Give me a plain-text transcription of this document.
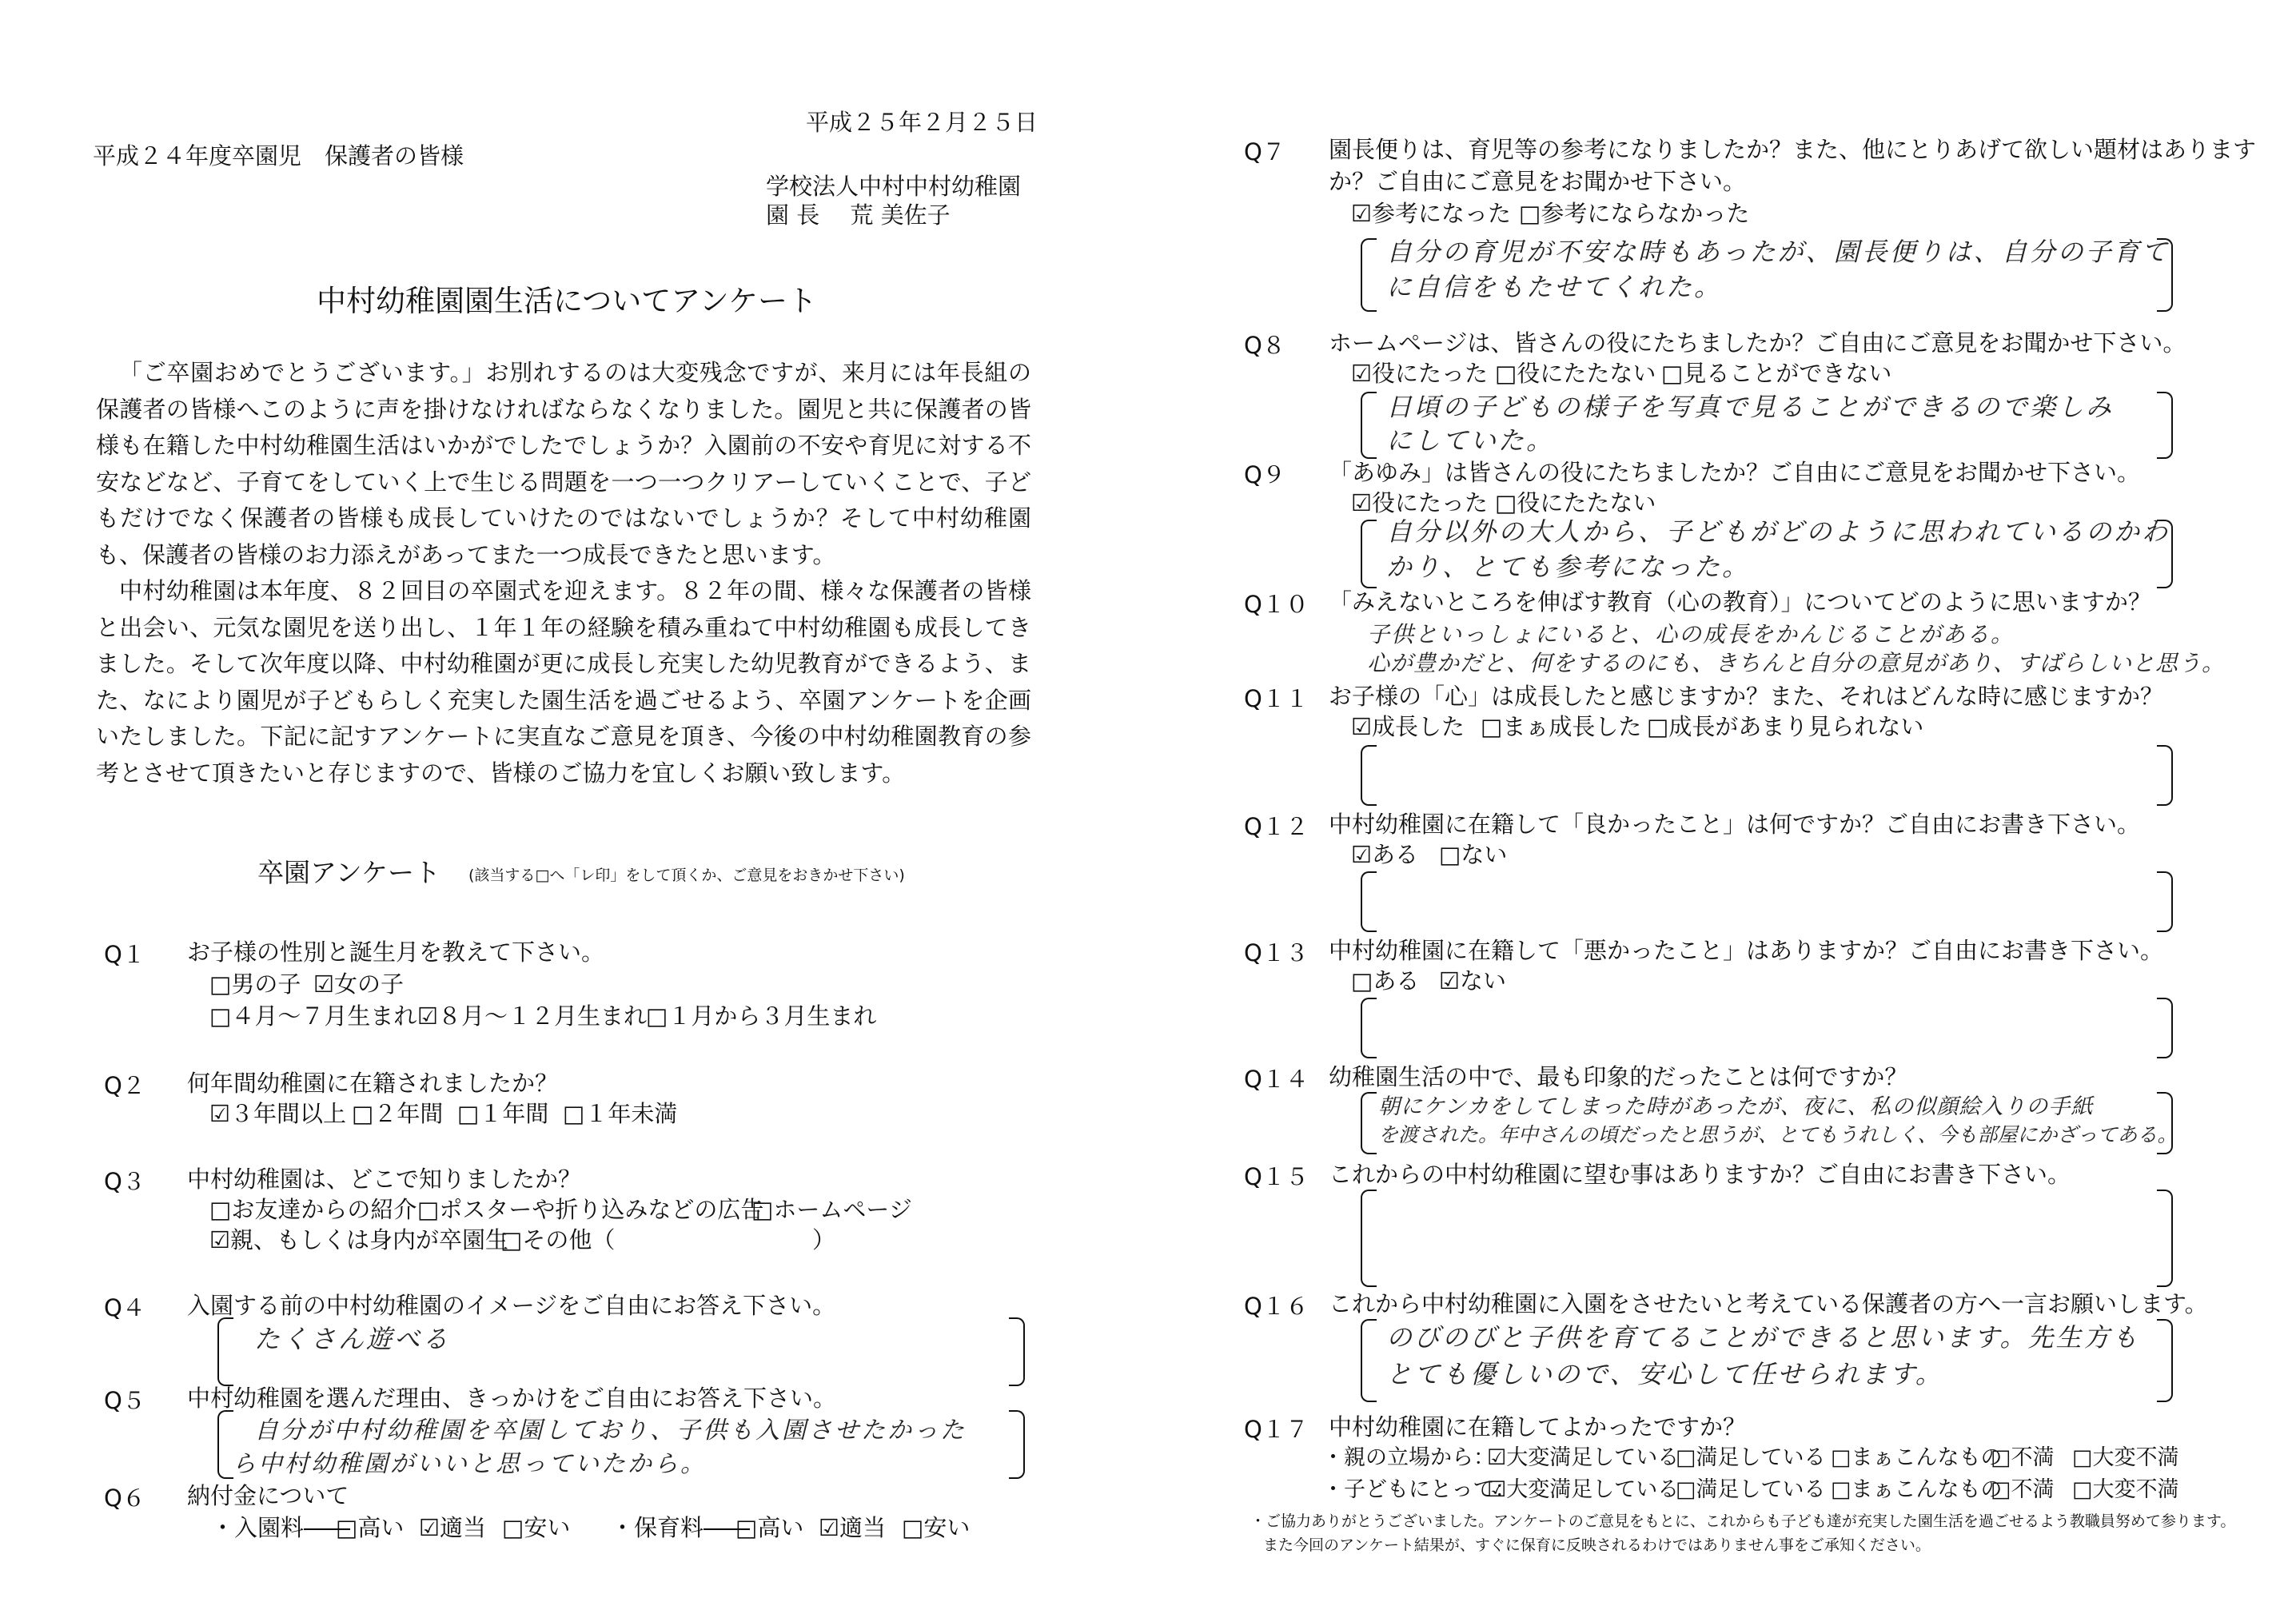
平成２５年２月２５日
平成２４年度卒園児　保護者の皆様
学校法人中村中村幼稚園
園 長　 荒 美佐子
中村幼稚園園生活についてアンケート

「ご卒園おめでとうございます。」お別れするのは大変残念ですが、来月には年長組の保護者の皆様へこのように声を掛けなければならなくなりました。園児と共に保護者の皆様も在籍した中村幼稚園生活はいかがでしたでしょうか？入園前の不安や育児に対する不安などなど、子育てをしていく上で生じる問題を一つ一つクリアーしていくことで、子どもだけでなく保護者の皆様も成長していけたのではないでしょうか？そして中村幼稚園も、保護者の皆様のお力添えがあってまた一つ成長できたと思います。

中村幼稚園は本年度、８２回目の卒園式を迎えます。８２年の間、様々な保護者の皆様と出会い、元気な園児を送り出し、１年１年の経験を積み重ねて中村幼稚園も成長してきました。そして次年度以降、中村幼稚園が更に成長し充実した幼児教育ができるよう、また、なにより園児が子どもらしく充実した園生活を過ごせるよう、卒園アンケートを企画いたしました。下記に記すアンケートに実直なご意見を頂き、今後の中村幼稚園教育の参考とさせて頂きたいと存じますので、皆様のご協力を宜しくお願い致します。

卒園アンケート (該当する□へ「レ印」をして頂くか、ご意見をおきかせ下さい)
Q１ お子様の性別と誕生月を教えて下さい。
□男の子 ☑女の子
□４月〜７月生まれ ☑８月〜１２月生まれ □１月から３月生まれ
Q２ 何年間幼稚園に在籍されましたか？
☑３年間以上 □２年間 □１年間 □１年未満
Q３ 中村幼稚園は、どこで知りましたか？
□お友達からの紹介 □ポスターや折り込みなどの広告
□ホームページ
☑親、もしくは身内が卒園生
□その他（	）
Q４ 入園する前の中村幼稚園のイメージをご自由にお答え下さい。
たくさん遊べる
Q５ 中村幼稚園を選んだ理由、きっかけをご自由にお答え下さい。
自分が中村幼稚園を卒園しており、子供も入園させたかった
ら中村幼稚園がいいと思っていたから。
Q６ 納付金について
・入園料――
□高い ☑適当 □安い ・保育料――
□高い ☑適当 □安い
Q７ 園長便りは、育児等の参考になりましたか？また、他にとりあげて欲しい題材はあります
か？ご自由にご意見をお聞かせ下さい。
☑参考になった □参考にならなかった
自分の育児が不安な時もあったが、園長便りは、自分の子育て
に自信をもたせてくれた。
Q８ ホームページは、皆さんの役にたちましたか？ご自由にご意見をお聞かせ下さい。
☑役にたった □役にたたない □見ることができない
日頃の子どもの様子を写真で見ることができるので楽しみ
にしていた。
Q９ 「あゆみ」は皆さんの役にたちましたか？ご自由にご意見をお聞かせ下さい。
☑役にたった □役にたたない
自分以外の大人から、子どもがどのように思われているのかわ
かり、とても参考になった。
Q１０ 「みえないところを伸ばす教育（心の教育）」についてどのように思いますか？
子供といっしょにいると、心の成長をかんじることがある。
心が豊かだと、何をするのにも、きちんと自分の意見があり、すばらしいと思う。
Q１１ お子様の「心」は成長したと感じますか？また、それはどんな時に感じますか？
☑成長した □まぁ成長した □成長があまり見られない
Q１２ 中村幼稚園に在籍して「良かったこと」は何ですか？ご自由にお書き下さい。
☑ある □ない
Q１３ 中村幼稚園に在籍して「悪かったこと」はありますか？ご自由にお書き下さい。
□ある ☑ない
Q１４ 幼稚園生活の中で、最も印象的だったことは何ですか？
朝にケンカをしてしまった時があったが、夜に、私の似顔絵入りの手紙
を渡された。年中さんの頃だったと思うが、とてもうれしく、今も部屋にかざってある。
Q１５ これからの中村幼稚園に望む事はありますか？ご自由にお書き下さい。
Q１６ これから中村幼稚園に入園をさせたいと考えている保護者の方へ一言お願いします。
のびのびと子供を育てることができると思います。先生方も
とても優しいので、安心して任せられます。
Q１７ 中村幼稚園に在籍してよかったですか？
・親の立場から：
☑大変満足している
□満足している □まぁこんなもの
□不満 □大変不満
・子どもにとって：
☑大変満足している
□満足している □まぁこんなもの
□不満 □大変不満
・ご協力ありがとうございました。アンケートのご意見をもとに、これからも子ども達が充実した園生活を過ごせるよう教職員努めて参ります。
また今回のアンケート結果が、すぐに保育に反映されるわけではありません事をご承知ください。
